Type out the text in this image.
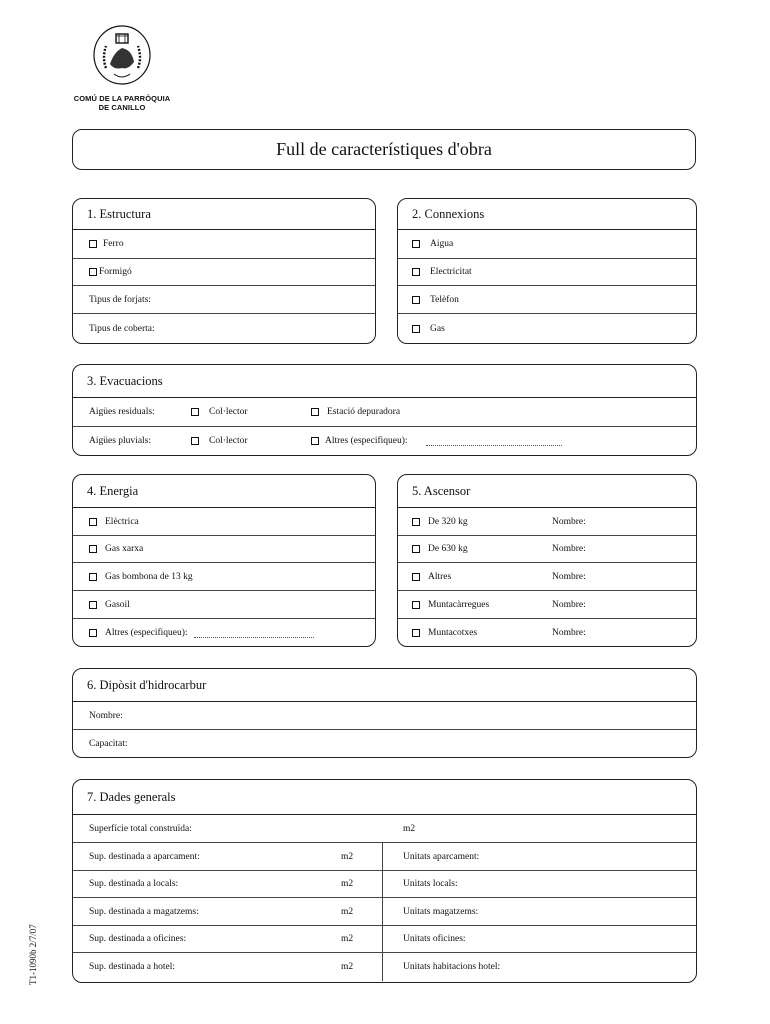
COMÚ DE LA PARRÒQUIA
DE CANILLO
Full de característiques d'obra
1. Estructura
Ferro
Formigó
Tipus de forjats:
Tipus de coberta:
2. Connexions
Aigua
Electricitat
Telèfon
Gas
3. Evacuacions
Aigües residuals:	Col·lector	Estació depuradora
Aigües pluvials:	Col·lector	Altres (especifiqueu):
4. Energia
Elèctrica
Gas xarxa
Gas bombona de 13 kg
Gasoil
Altres (especifiqueu):
5. Ascensor
De 320 kg	Nombre:
De 630 kg	Nombre:
Altres	Nombre:
Muntacàrregues	Nombre:
Muntacotxes	Nombre:
6. Dipòsit d'hidrocarbur
Nombre:
Capacitat:
7. Dades generals
Superfície total construïda:	m2
Sup. destinada a aparcament:	m2	Unitats aparcament:
Sup. destinada a locals:	m2	Unitats locals:
Sup. destinada a magatzems:	m2	Unitats magatzems:
Sup. destinada a oficines:	m2	Unitats oficines:
Sup. destinada a hotel:	m2	Unitats habitacions hotel:
T1-1090b 2/7/07
